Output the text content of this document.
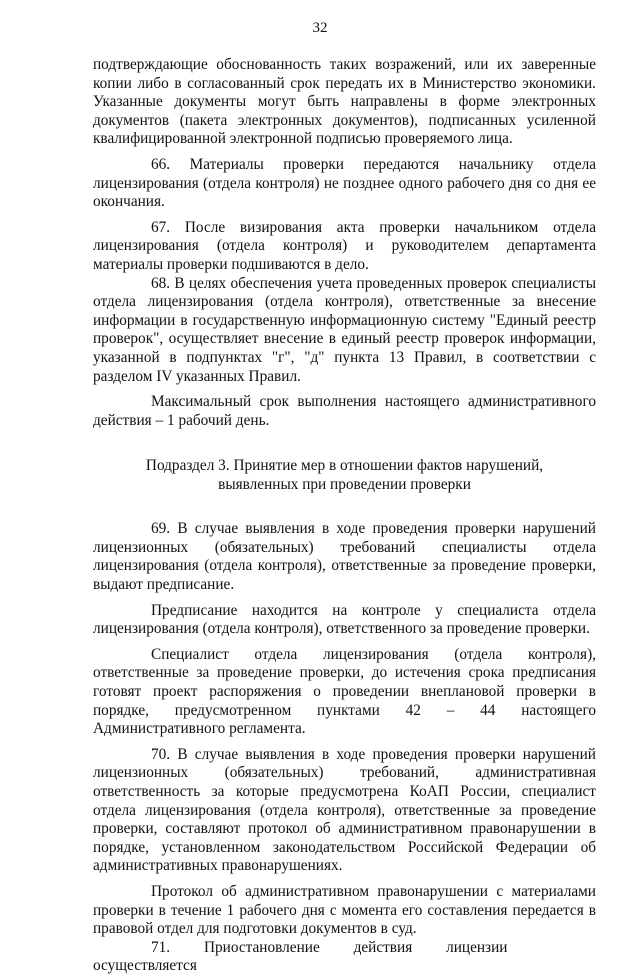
32

подтверждающие обоснованность таких возражений, или их заверенные копии либо в согласованный срок передать их в Министерство экономики. Указанные документы могут быть направлены в форме электронных документов (пакета электронных документов), подписанных усиленной квалифицированной электронной подписью проверяемого лица.

66. Материалы проверки передаются начальнику отдела лицензирования (отдела контроля) не позднее одного рабочего дня со дня ее окончания.

67. После визирования акта проверки начальником отдела лицензирования (отдела контроля) и руководителем департамента материалы проверки подшиваются в дело.

68. В целях обеспечения учета проведенных проверок специалисты отдела лицензирования (отдела контроля), ответственные за внесение информации в государственную информационную систему "Единый реестр проверок", осуществляет внесение в единый реестр проверок информации, указанной в подпунктах "г", "д" пункта 13 Правил, в соответствии с разделом IV указанных Правил.

Максимальный срок выполнения настоящего административного действия – 1 рабочий день.

Подраздел 3. Принятие мер в отношении фактов нарушений,
выявленных при проведении проверки

69. В случае выявления в ходе проведения проверки нарушений лицензионных (обязательных) требований специалисты отдела лицензирования (отдела контроля), ответственные за проведение проверки, выдают предписание.

Предписание находится на контроле у специалиста отдела лицензирования (отдела контроля), ответственного за проведение проверки.

Специалист отдела лицензирования (отдела контроля), ответственные за проведение проверки, до истечения срока предписания готовят проект распоряжения о проведении внеплановой проверки в порядке, предусмотренном пунктами 42 – 44 настоящего Административного регламента.

70. В случае выявления в ходе проведения проверки нарушений лицензионных (обязательных) требований, административная ответственность за которые предусмотрена КоАП России, специалист отдела лицензирования (отдела контроля), ответственные за проведение проверки, составляют протокол об административном правонарушении в порядке, установленном законодательством Российской Федерации об административных правонарушениях.

Протокол об административном правонарушении с материалами проверки в течение 1 рабочего дня с момента его составления передается в правовой отдел для подготовки документов в суд.

71. Приостановление действия лицензии осуществляется
